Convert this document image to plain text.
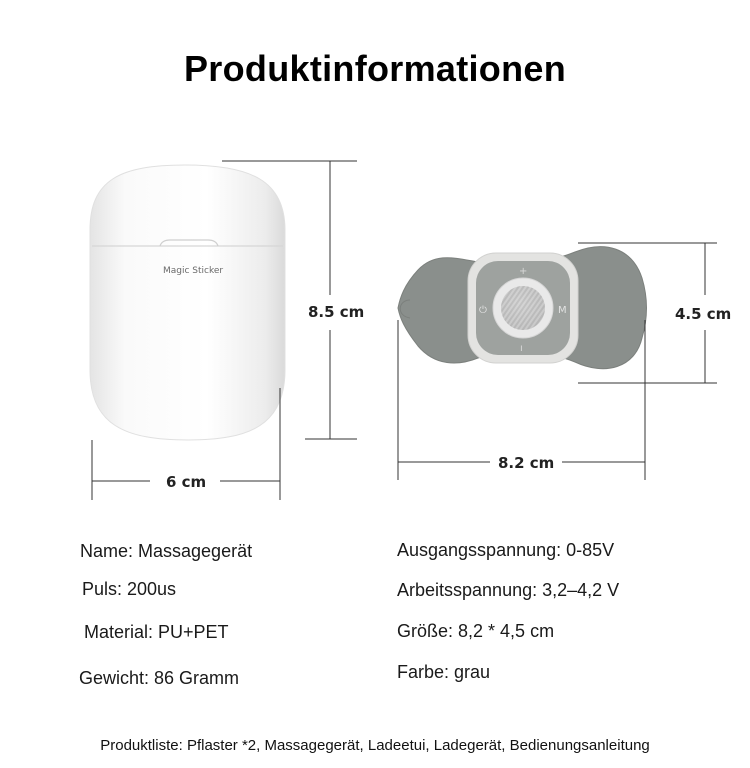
Produktinformationen
Magic Sticker	+
ı
⏻	M
8.5 cm
6 cm
4.5 cm
8.2 cm
Name: Massagegerät
Puls: 200us
Material: PU+PET
Gewicht: 86 Gramm
Ausgangsspannung: 0-85V
Arbeitsspannung: 3,2–4,2 V
Größe: 8,2 * 4,5 cm
Farbe: grau
Produktliste: Pflaster *2, Massagegerät, Ladeetui, Ladegerät, Bedienungsanleitung
